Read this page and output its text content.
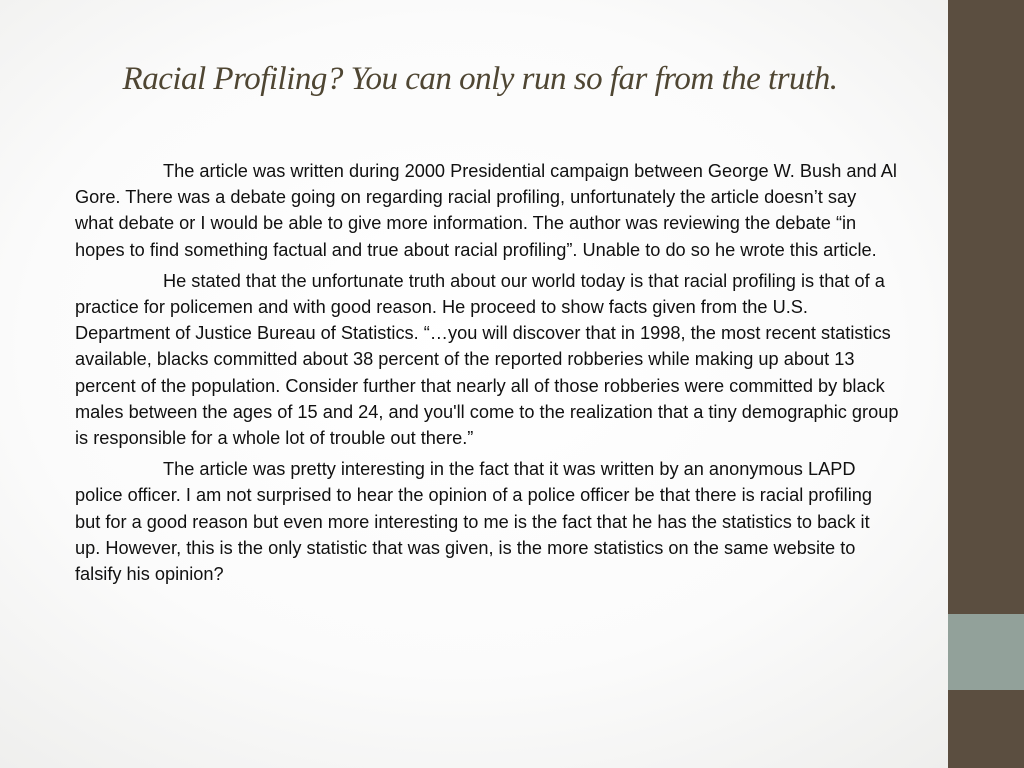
Racial Profiling? You can only run so far from the truth.

The article was written during 2000 Presidential campaign between George W. Bush and Al Gore. There was a debate going on regarding racial profiling, unfortunately the article doesn’t say what debate or I would be able to give more information. The author was reviewing the debate “in hopes to find something factual and true about racial profiling”. Unable to do so he wrote this article.

He stated that the unfortunate truth about our world today is that racial profiling is that of a practice for policemen and with good reason. He proceed to show facts given from the U.S. Department of Justice Bureau of Statistics. “…you will discover that in 1998, the most recent statistics available, blacks committed about 38 percent of the reported robberies while making up about 13 percent of the population. Consider further that nearly all of those robberies were committed by black males between the ages of 15 and 24, and you'll come to the realization that a tiny demographic group is responsible for a whole lot of trouble out there.”

The article was pretty interesting in the fact that it was written by an anonymous LAPD police officer. I am not surprised to hear the opinion of a police officer be that there is racial profiling but for a good reason but even more interesting to me is the fact that he has the statistics to back it up. However, this is the only statistic that was given, is the more statistics on the same website to falsify his opinion?
